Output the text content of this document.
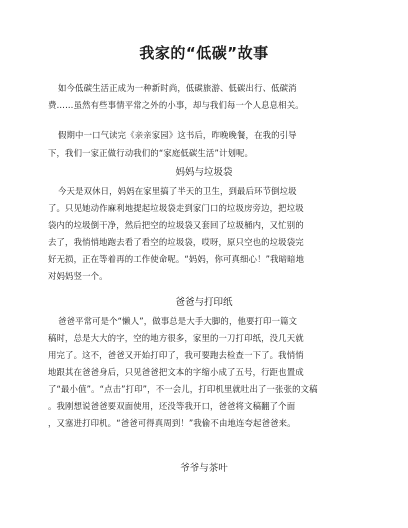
我家的“低碳”故事
如今低碳生活正成为一种新时尚，低碳旅游、低碳出行、低碳消
费……虽然有些事情平常之外的小事，却与我们每一个人息息相关。
假期中一口气读完《亲亲家园》这书后，昨晚晚餐，在我的引导
下，我们一家正做行动我们的“家庭低碳生活”计划呢。
妈妈与垃圾袋
今天是双休日，妈妈在家里搞了半天的卫生，到最后环节倒垃圾
了。只见她动作麻利地提起垃圾袋走到家门口的垃圾房旁边，把垃圾
袋内的垃圾倒干净，然后把空的垃圾袋又套回了垃圾桶内，又忙别的
去了，我悄悄地跑去看了看空的垃圾袋，哎呀，原只空也的垃圾袋完
好无损，正在等着再的工作使命呢。“妈妈，你可真细心！”我暗暗地
对妈妈竖一个。
爸爸与打印纸
爸爸平常可是个“懒人”，做事总是大手大脚的，他要打印一篇文
稿时，总是大大的字，空的地方很多，家里的一刀打印纸，没几天就
用完了。这不，爸爸又开始打印了，我可要跑去检查一下了。我悄悄
地跟其在爸爸身后，只见爸爸把文本的字缩小成了五号，行距也置成
了“最小值”。“点击”打印”，不一会儿，打印机里就吐出了一张张的文稿
。我刚想说爸爸要双面使用，还没等我开口，爸爸将文稿翻了个面
，又塞进打印机。“爸爸可得真周到！”我偷不由地连夸起爸爸来。
爷爷与茶叶
